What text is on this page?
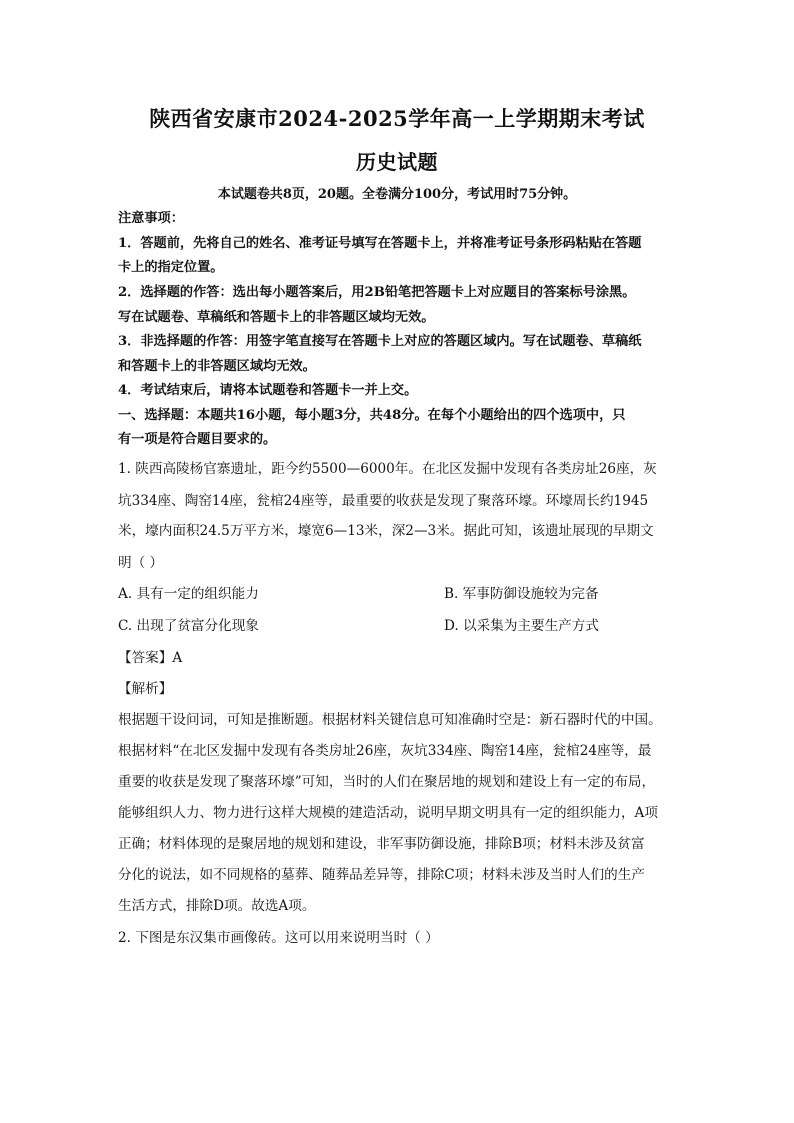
陕西省安康市2024-2025学年高一上学期期末考试
历史试题
本试题卷共8页，20题。全卷满分100分，考试用时75分钟。
注意事项：
1．答题前，先将自己的姓名、准考证号填写在答题卡上，并将准考证号条形码粘贴在答题
卡上的指定位置。
2．选择题的作答：选出每小题答案后，用2B铅笔把答题卡上对应题目的答案标号涂黑。
写在试题卷、草稿纸和答题卡上的非答题区域均无效。
3．非选择题的作答：用签字笔直接写在答题卡上对应的答题区域内。写在试题卷、草稿纸
和答题卡上的非答题区域均无效。
4．考试结束后，请将本试题卷和答题卡一并上交。
一、选择题：本题共16小题，每小题3分，共48分。在每个小题给出的四个选项中，只
有一项是符合题目要求的。
1. 陕西高陵杨官寨遗址，距今约5500—6000年。在北区发掘中发现有各类房址26座，灰
坑334座、陶窑14座，瓮棺24座等，最重要的收获是发现了聚落环壕。环壕周长约1945
米，壕内面积24.5万平方米，壕宽6—13米，深2—3米。据此可知，该遗址展现的早期文
明（ ）
A. 具有一定的组织能力	B. 军事防御设施较为完备
C. 出现了贫富分化现象	D. 以采集为主要生产方式
【答案】A
【解析】
根据题干设问词，可知是推断题。根据材料关键信息可知准确时空是：新石器时代的中国。
根据材料“在北区发掘中发现有各类房址26座，灰坑334座、陶窑14座，瓮棺24座等，最
重要的收获是发现了聚落环壕”可知，当时的人们在聚居地的规划和建设上有一定的布局，
能够组织人力、物力进行这样大规模的建造活动，说明早期文明具有一定的组织能力，A项
正确；材料体现的是聚居地的规划和建设，非军事防御设施，排除B项；材料未涉及贫富
分化的说法，如不同规格的墓葬、随葬品差异等，排除C项；材料未涉及当时人们的生产
生活方式，排除D项。故选A项。
2. 下图是东汉集市画像砖。这可以用来说明当时（ ）
